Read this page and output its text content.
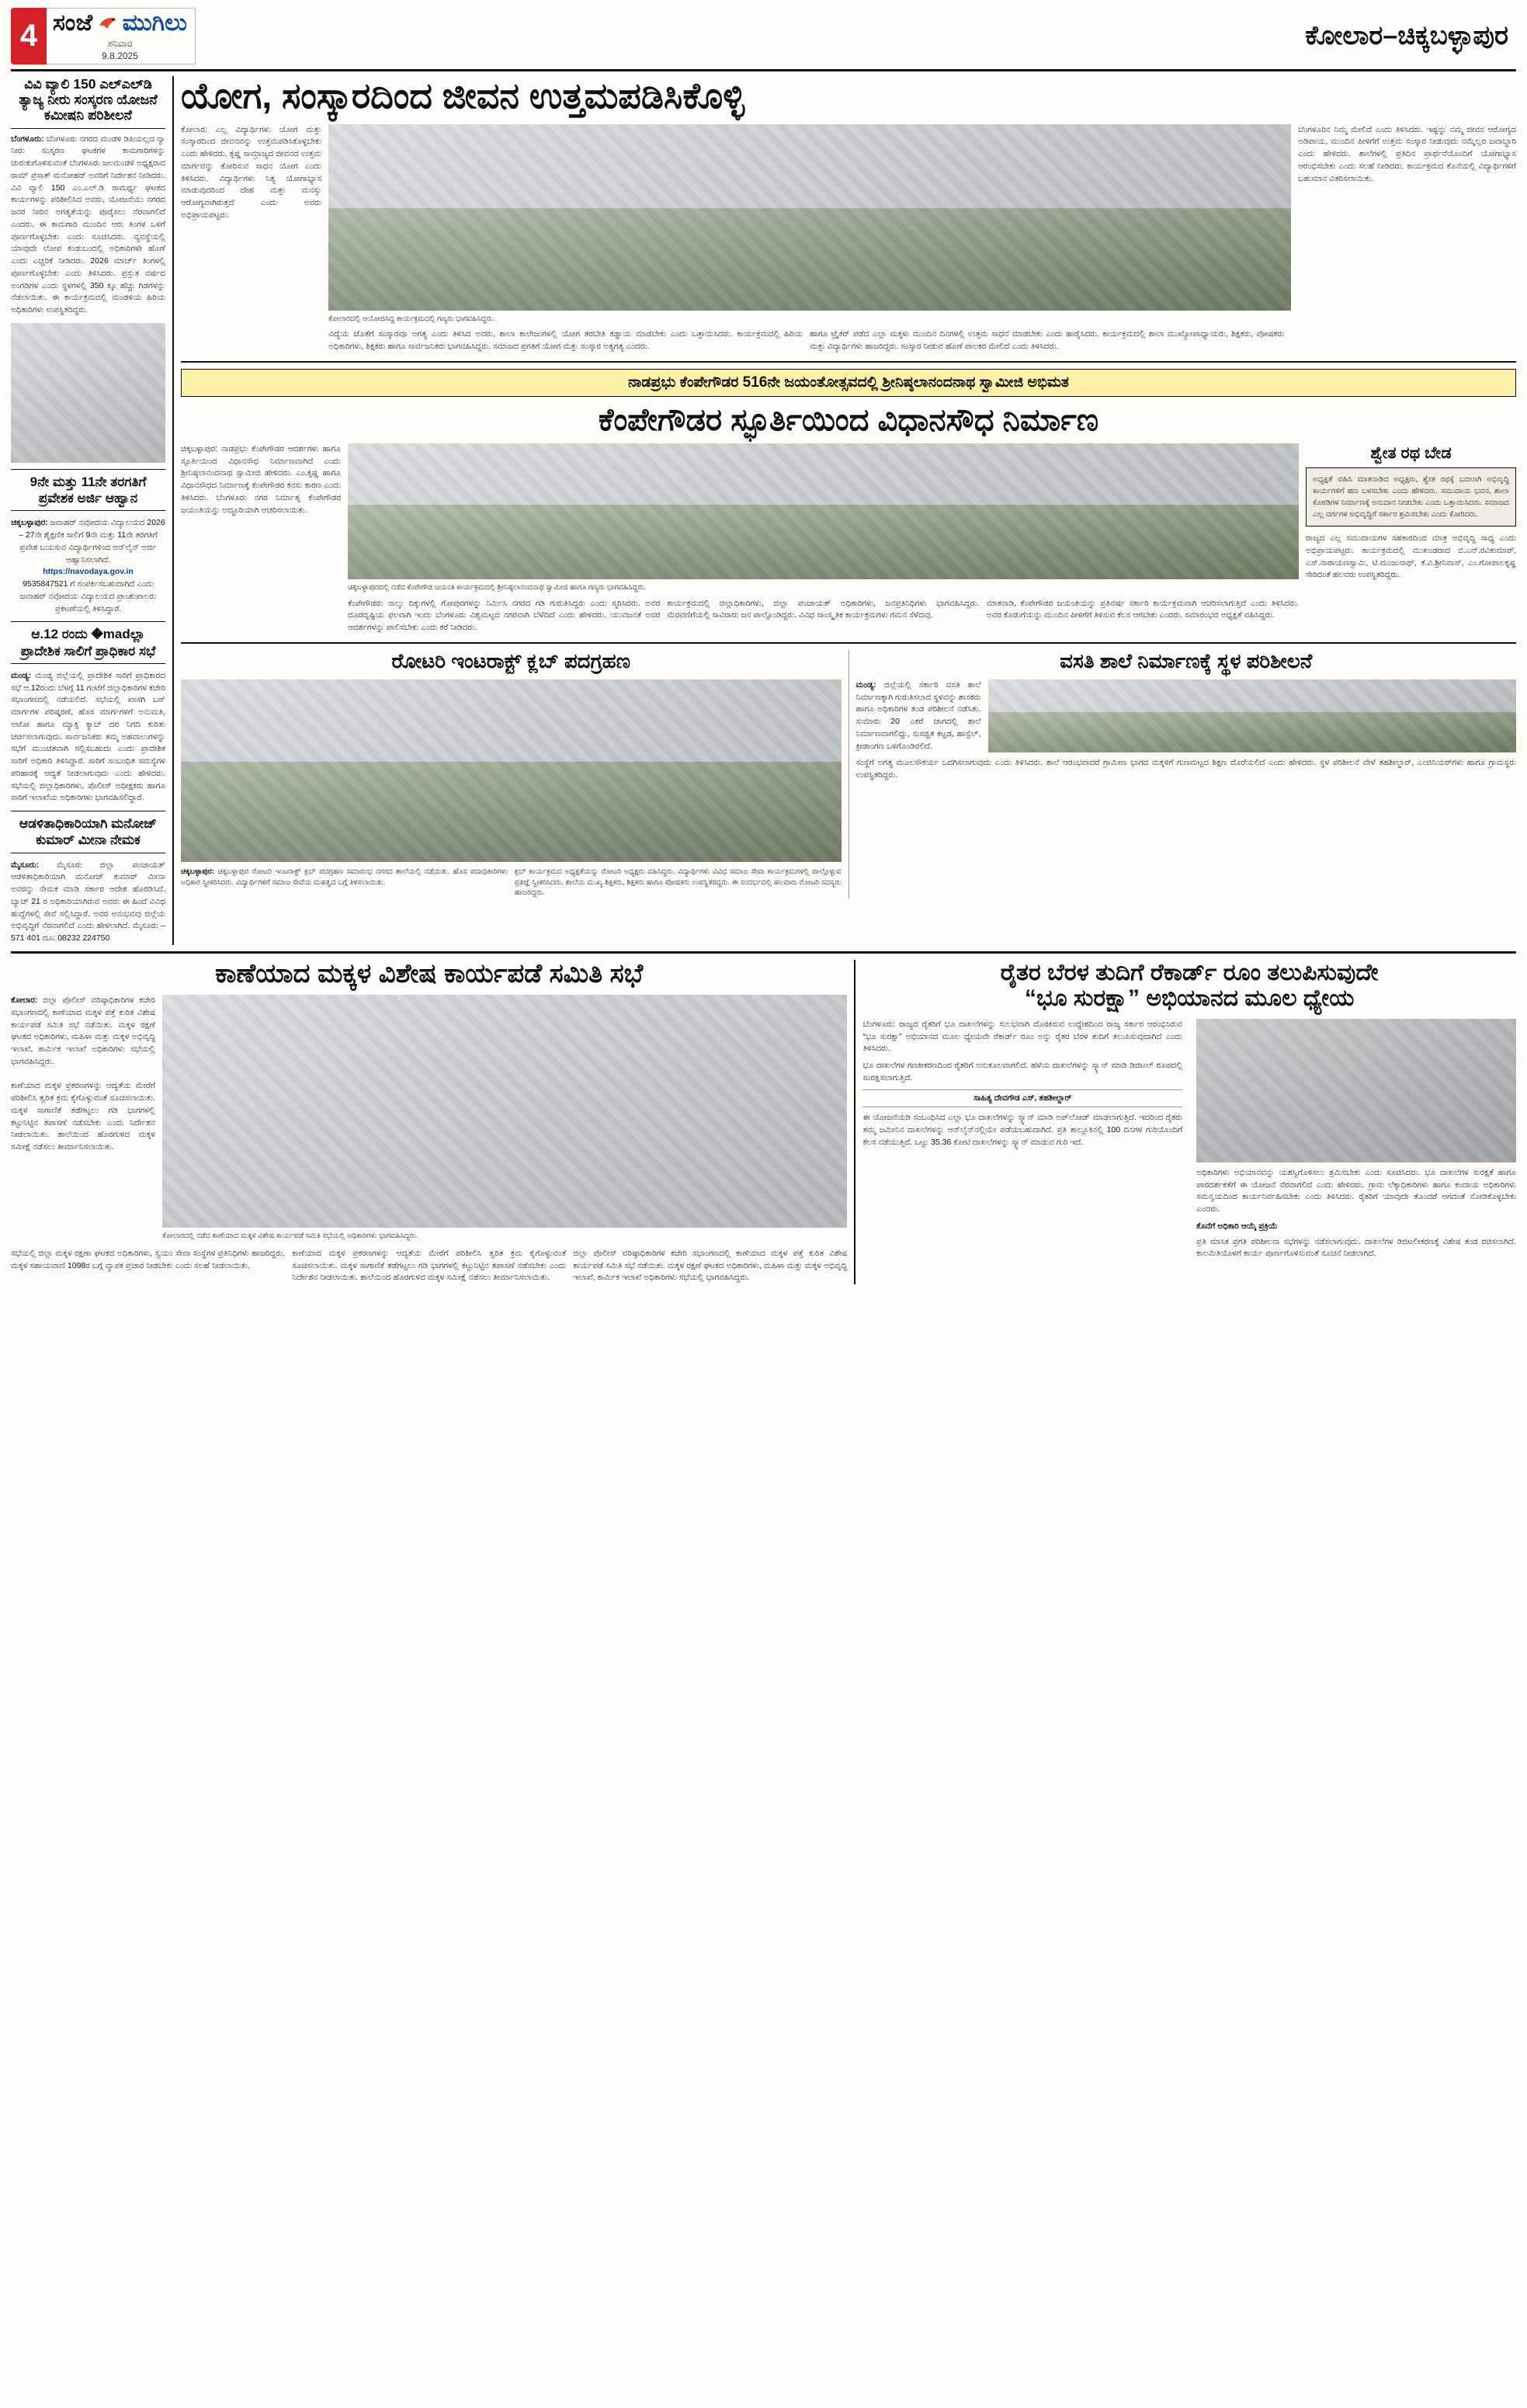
4 ಸಂಜೆ ಮುಗಿಲು
ಶನಿವಾರ
9.8.2025
ಕೋಲಾರ–ಚಿಕ್ಕಬಳ್ಳಾಪುರ
ವಿವಿ ವ್ಯಾಲಿ 150 ಎಲ್‌ಎಲ್‌ಡಿ ತ್ಯಾಜ್ಯ ನೀರು ಸಂಸ್ಕರಣ ಯೋಜನೆ ಕಮೀಷನಿ ಪರಿಶೀಲನೆ
ಬೆಂಗಳೂರು: ಬೆಂಗಳೂರು ನಗರದ ಮಂಡಳಿ ಡಿಪಿಯಲ್ಲದ ನ್ಯಾ ನೀರು ಸಂಸ್ಕರಣ ಘಟಕಗಳ ಕಾಮಗಾರಿಗಳನ್ನು ಚುರುಕುಗೊಳಿಸುವಂತೆ ಬೆಂಗಳೂರು ಜಲಮಂಡಳಿ ಅಧ್ಯಕ್ಷರಾದ ರಾಮ್ ಪ್ರಸಾತ್ ಮನೋಹರ್ ಅವರಿಗೆ ನಿರ್ದೇಶನ ನೀಡಿದರು. ವಿವಿ ವ್ಯಾಲಿ 150 ಎಂ.ಎಲ್.ಡಿ ಸಾಮರ್ಥ್ಯ ಘಟಕದ ಕಾರ್ಯಗಳನ್ನು ಪರಿಶೀಲಿಸಿದ ಅವರು, ಯೋಜನೆಯು ನಗರದ ಜನರ ನೀರಿನ ಅಗತ್ಯತೆಯನ್ನು ಪೂರೈಸಲು ನೆರವಾಗಲಿದೆ ಎಂದರು. ಈ ಕಾಮಗಾರಿ ಮುಂದಿನ ಆರು ತಿಂಗಳ ಒಳಗೆ ಪೂರ್ಣಗೊಳ್ಳಬೇಕು ಎಂದು ಸೂಚಿಸಿದರು. ವ್ಯವಸ್ಥೆಯಲ್ಲಿ ಯಾವುದೇ ಲೋಪ ಕಂಡುಬಂದಲ್ಲಿ ಅಧಿಕಾರಿಗಳೇ ಹೊಣೆ ಎಂದು ಎಚ್ಚರಿಕೆ ನೀಡಿದರು. 2026 ಮಾರ್ಚ್ ತಿಂಗಳಲ್ಲಿ ಪೂರ್ಣಗೊಳ್ಳಬೇಕು ಎಂದು ತಿಳಿಸಿದರು. ಪ್ರಸ್ತುತ ವರ್ಷದ ಅಂಗಡಿಗಳ ಎಂದು ಸ್ಥಳಗಳಲ್ಲಿ 350 ಕ್ಕೂ ಹೆಚ್ಚು ಗಿಡಗಳನ್ನು ನೆಡಲಾಯಿತು. ಈ ಕಾರ್ಯಕ್ರಮದಲ್ಲಿ ಮಂಡಳಿಯ ಹಿರಿಯ ಅಧಿಕಾರಿಗಳು ಉಪಸ್ಥಿತರಿದ್ದರು.
9ನೇ ಮತ್ತು 11ನೇ ತರಗತಿಗೆ ಪ್ರವೇಶಕ ಅರ್ಜಿ ಆಹ್ವಾನ
ಚಿಕ್ಕಬಳ್ಳಾಪುರ: ಜವಾಹರ್ ನವೋದಯ ವಿದ್ಯಾಲಯದ 2026 – 27ನೇ ಶೈಕ್ಷಣಿಕ ಸಾಲಿಗೆ 9ನೇ ಮತ್ತು 11ನೇ ತರಗತಿಗೆ ಪ್ರವೇಶ ಬಯಸುವ ವಿದ್ಯಾರ್ಥಿಗಳಿಂದ ಆನ್‌ಲೈನ್ ಅರ್ಜಿ ಆಹ್ವಾನಿಸಲಾಗಿದೆ.
https://navodaya.gov.in
9535847521 ಗೆ ಸಂಪರ್ಕಿಸಬಹುದಾಗಿದೆ ಎಂದು ಜವಾಹರ್ ನವೋದಯ ವಿದ್ಯಾಲಯದ ಪ್ರಾಂಶುಪಾಲರು ಪ್ರಕಟಣೆಯಲ್ಲಿ ತಿಳಿಸಿದ್ದಾರೆ.
ಆ.12 ರಂದು �madಲ್ಲಾ ಪ್ರಾದೇಶಿಕ ಸಾಲಿಗೆ ಪ್ರಾಧಿಕಾರ ಸಭೆ
ಮಂಡ್ಯ: ಮಂಡ್ಯ ಜಿಲ್ಲೆಯಲ್ಲಿ ಪ್ರಾದೇಶಿಕ ಸಾರಿಗೆ ಪ್ರಾಧಿಕಾರದ ಸಭೆ ಆ.12ರಂದು ಬೆಳಗ್ಗೆ 11 ಗಂಟೆಗೆ ಜಿಲ್ಲಾಧಿಕಾರಿಗಳ ಕಚೇರಿ ಸಭಾಂಗಣದಲ್ಲಿ ನಡೆಯಲಿದೆ. ಸಭೆಯಲ್ಲಿ ಖಾಸಗಿ ಬಸ್ ಮಾರ್ಗಗಳ ಪರಿಷ್ಕರಣೆ, ಹೊಸ ಮಾರ್ಗಗಳಿಗೆ ಅನುಮತಿ, ಅಟೋ ಹಾಗೂ ಮ್ಯಾಕ್ಸಿ ಕ್ಯಾಬ್ ದರ ನಿಗದಿ ಕುರಿತು ಚರ್ಚಿಸಲಾಗುವುದು. ಸಾರ್ವಜನಿಕರು ತಮ್ಮ ಅಹವಾಲುಗಳನ್ನು ಸಭೆಗೆ ಮುಂಚಿತವಾಗಿ ಸಲ್ಲಿಸಬಹುದು ಎಂದು ಪ್ರಾದೇಶಿಕ ಸಾರಿಗೆ ಅಧಿಕಾರಿ ತಿಳಿಸಿದ್ದಾರೆ. ಸಾರಿಗೆ ಸಂಬಂಧಿತ ಸಮಸ್ಯೆಗಳ ಪರಿಹಾರಕ್ಕೆ ಆದ್ಯತೆ ನೀಡಲಾಗುವುದು ಎಂದು ಹೇಳಿದರು. ಸಭೆಯಲ್ಲಿ ಜಿಲ್ಲಾಧಿಕಾರಿಗಳು, ಪೊಲೀಸ್ ಅಧೀಕ್ಷಕರು ಹಾಗೂ ಸಾರಿಗೆ ಇಲಾಖೆಯ ಅಧಿಕಾರಿಗಳು ಭಾಗವಹಿಸಲಿದ್ದಾರೆ.
ಆಡಳಿತಾಧಿಕಾರಿಯಾಗಿ ಮನೋಜ್ ಕುಮಾರ್ ಮೀನಾ ನೇಮಕ
ಮೈಸೂರು: ಮೈಸೂರು ಜಿಲ್ಲಾ ಪಂಚಾಯತ್ ಆಡಳಿತಾಧಿಕಾರಿಯಾಗಿ ಮನೋಜ್ ಕುಮಾರ್ ಮೀನಾ ಅವರನ್ನು ನೇಮಕ ಮಾಡಿ ಸರ್ಕಾರ ಆದೇಶ ಹೊರಡಿಸಿದೆ. ಬ್ಯಾಚ್ 21 ರ ಅಧಿಕಾರಿಯಾಗಿರುವ ಅವರು ಈ ಹಿಂದೆ ವಿವಿಧ ಹುದ್ದೆಗಳಲ್ಲಿ ಸೇವೆ ಸಲ್ಲಿಸಿದ್ದಾರೆ. ಅವರ ಅನುಭವವು ಜಿಲ್ಲೆಯ ಅಭಿವೃದ್ಧಿಗೆ ನೆರವಾಗಲಿದೆ ಎಂದು ಹೇಳಲಾಗಿದೆ. ಮೈಸೂರು – 571 401 ದೂ: 08232 224750
ಯೋಗ, ಸಂಸ್ಕಾರದಿಂದ ಜೀವನ ಉತ್ತಮಪಡಿಸಿಕೊಳ್ಳಿ
ಕೋಲಾರ: ಎಲ್ಲ ವಿದ್ಯಾರ್ಥಿಗಳು ಯೋಗ ಮತ್ತು ಸಂಸ್ಕಾರದಿಂದ ಜೀವನವನ್ನು ಉತ್ತಮಪಡಿಸಿಕೊಳ್ಳಬೇಕು ಎಂದು ಹೇಳಿದರು. ಕೃಷ್ಣ ಸಾಮ್ರಾಜ್ಯದ ಜೀವನದ ಉತ್ತಮ ಮಾರ್ಗವನ್ನು ತೋರಿಸುವ ಸಾಧನ ಯೋಗ ಎಂದು ತಿಳಿಸಿದರು. ವಿದ್ಯಾರ್ಥಿಗಳು ನಿತ್ಯ ಯೋಗಾಭ್ಯಾಸ ಮಾಡುವುದರಿಂದ ದೇಹ ಮತ್ತು ಮನಸ್ಸು ಆರೋಗ್ಯವಾಗಿರುತ್ತದೆ ಎಂದು ಅವರು ಅಭಿಪ್ರಾಯಪಟ್ಟರು.
ಕೋಲಾರದಲ್ಲಿ ಆಯೋಜಿಸಿದ್ದ ಕಾರ್ಯಕ್ರಮದಲ್ಲಿ ಗಣ್ಯರು ಭಾಗವಹಿಸಿದ್ದರು.
ವಿದ್ಯೆಯ ಜೊತೆಗೆ ಸಂಸ್ಕಾರವೂ ಅಗತ್ಯ ಎಂದು ತಿಳಿಸಿದ ಅವರು, ಶಾಲಾ ಕಾಲೇಜುಗಳಲ್ಲಿ ಯೋಗ ತರಬೇತಿ ಕಡ್ಡಾಯ ಮಾಡಬೇಕು ಎಂದು ಒತ್ತಾಯಿಸಿದರು. ಕಾರ್ಯಕ್ರಮದಲ್ಲಿ ಹಿರಿಯ ಅಧಿಕಾರಿಗಳು, ಶಿಕ್ಷಕರು ಹಾಗೂ ಸಾರ್ವಜನಿಕರು ಭಾಗವಹಿಸಿದ್ದರು. ಸಮಾಜದ ಪ್ರಗತಿಗೆ ಯೋಗ ಮತ್ತು ಸಂಸ್ಕಾರ ಅತ್ಯಗತ್ಯ ಎಂದರು.
ಹಾಗೂ ಟ್ರೈಕರ್ ಪಡೆದ ಎಲ್ಲಾ ಮಕ್ಕಳು ಮುಂದಿನ ದಿನಗಳಲ್ಲಿ ಉತ್ತಮ ಸಾಧನೆ ಮಾಡಬೇಕು ಎಂದು ಹಾರೈಸಿದರು. ಕಾರ್ಯಕ್ರಮದಲ್ಲಿ ಶಾಲಾ ಮುಖ್ಯೋಪಾಧ್ಯಾಯರು, ಶಿಕ್ಷಕರು, ಪೋಷಕರು ಮತ್ತು ವಿದ್ಯಾರ್ಥಿಗಳು ಹಾಜರಿದ್ದರು. ಸಂಸ್ಕಾರ ನೀಡುವ ಹೊಣೆ ಪಾಲಕರ ಮೇಲಿದೆ ಎಂದು ತಿಳಿಸಿದರು.
ಬೆಂಗಳೂರಿನ ನಿಮ್ಮ ಮೇಲಿದೆ ಎಂದು ತಿಳಿಸಿದರು. ಇಷ್ಟನ್ನು ನಮ್ಮ ಜೀವನ ಆರೋಗ್ಯದ ಅಡಿಪಾಯ, ಮುಂದಿನ ಪೀಳಿಗೆಗೆ ಉತ್ತಮ ಸಂಸ್ಕಾರ ನೀಡುವುದು ನಮ್ಮೆಲ್ಲರ ಜವಾಬ್ದಾರಿ ಎಂದು ಹೇಳಿದರು. ಶಾಲೆಗಳಲ್ಲಿ ಪ್ರತಿದಿನ ಪ್ರಾರ್ಥನೆಯೊಂದಿಗೆ ಯೋಗಾಭ್ಯಾಸ ಆರಂಭಿಸಬೇಕು ಎಂದು ಸಲಹೆ ನೀಡಿದರು. ಕಾರ್ಯಕ್ರಮದ ಕೊನೆಯಲ್ಲಿ ವಿದ್ಯಾರ್ಥಿಗಳಿಗೆ ಬಹುಮಾನ ವಿತರಿಸಲಾಯಿತು.
ನಾಡಪ್ರಭು ಕೆಂಪೇಗೌಡರ 516ನೇ ಜಯಂತೋತ್ಸವದಲ್ಲಿ ಶ್ರೀನಿಷ್ಠಲಾನಂದನಾಥ ಸ್ವಾಮೀಜಿ ಅಭಿಮತ
ಕೆಂಪೇಗೌಡರ ಸ್ಫೂರ್ತಿಯಿಂದ ವಿಧಾನಸೌಧ ನಿರ್ಮಾಣ
ಚಿಕ್ಕಬಳ್ಳಾಪುರ: ನಾಡಪ್ರಭು ಕೆಂಪೇಗೌಡರ ಆದರ್ಶಗಳು ಹಾಗೂ ಸ್ಫೂರ್ತಿಯಿಂದ ವಿಧಾನಸೌಧ ನಿರ್ಮಾಣವಾಗಿದೆ ಎಂದು ಶ್ರೀನಿಷ್ಠಲಾನಂದನಾಥ ಸ್ವಾಮೀಜಿ ಹೇಳಿದರು. ಎಂ.ಕೃಷ್ಣ ಹಾಗೂ ವಿಧಾನಸೌಧದ ನಿರ್ಮಾಣಕ್ಕೆ ಕೆಂಪೇಗೌಡರ ಕನಸು ಕಾರಣ ಎಂದು ತಿಳಿಸಿದರು. ಬೆಂಗಳೂರು ನಗರ ನಿರ್ಮಾತೃ ಕೆಂಪೇಗೌಡರ ಜಯಂತಿಯನ್ನು ಅದ್ಧೂರಿಯಾಗಿ ಆಚರಿಸಲಾಯಿತು.
ಚಿಕ್ಕಬಳ್ಳಾಪುರದಲ್ಲಿ ನಡೆದ ಕೆಂಪೇಗೌಡ ಜಯಂತಿ ಕಾರ್ಯಕ್ರಮದಲ್ಲಿ ಶ್ರೀನಿಷ್ಠಲಾನಂದನಾಥ ಸ್ವಾಮೀಜಿ ಹಾಗೂ ಗಣ್ಯರು ಭಾಗವಹಿಸಿದ್ದರು.
ಕೆಂಪೇಗೌಡರು ನಾಲ್ಕು ದಿಕ್ಕುಗಳಲ್ಲಿ ಗೋಪುರಗಳನ್ನು ನಿರ್ಮಿಸಿ ನಗರದ ಗಡಿ ಗುರುತಿಸಿದ್ದರು ಎಂದು ಸ್ಮರಿಸಿದರು. ಅವರ ದೂರದೃಷ್ಟಿಯ ಫಲವಾಗಿ ಇಂದು ಬೆಂಗಳೂರು ವಿಶ್ವಮಟ್ಟದ ನಗರವಾಗಿ ಬೆಳೆದಿದೆ ಎಂದು ಹೇಳಿದರು. ಯುವಜನತೆ ಅವರ ಆದರ್ಶಗಳನ್ನು ಪಾಲಿಸಬೇಕು ಎಂದು ಕರೆ ನೀಡಿದರು.
ಕಾರ್ಯಕ್ರಮದಲ್ಲಿ ಜಿಲ್ಲಾಧಿಕಾರಿಗಳು, ಜಿಲ್ಲಾ ಪಂಚಾಯತ್ ಅಧಿಕಾರಿಗಳು, ಜನಪ್ರತಿನಿಧಿಗಳು ಭಾಗವಹಿಸಿದ್ದರು. ಮೆರವಣಿಗೆಯಲ್ಲಿ ಸಾವಿರಾರು ಜನ ಪಾಲ್ಗೊಂಡಿದ್ದರು. ವಿವಿಧ ಸಾಂಸ್ಕೃತಿಕ ಕಾರ್ಯಕ್ರಮಗಳು ಗಮನ ಸೆಳೆದವು.
ಮಾತನಾಡಿ, ಕೆಂಪೇಗೌಡರ ಜಯಂತಿಯನ್ನು ಪ್ರತಿವರ್ಷ ಸರ್ಕಾರಿ ಕಾರ್ಯಕ್ರಮವಾಗಿ ಆಚರಿಸಲಾಗುತ್ತಿದೆ ಎಂದು ತಿಳಿಸಿದರು. ಅವರ ಕೊಡುಗೆಯನ್ನು ಮುಂದಿನ ಪೀಳಿಗೆಗೆ ತಿಳಿಸುವ ಕೆಲಸ ಆಗಬೇಕು ಎಂದರು. ಸಮಾರಂಭದ ಅಧ್ಯಕ್ಷತೆ ವಹಿಸಿದ್ದರು.
ಶ್ವೇತ ರಥ ಬೇಡ
ಅಧ್ಯಕ್ಷತೆ ವಹಿಸಿ ಮಾತನಾಡಿದ ಅಧ್ಯಕ್ಷರು, ಶ್ವೇತ ರಥಕ್ಕೆ ಬದಲಾಗಿ ಅಭಿವೃದ್ಧಿ ಕಾರ್ಯಗಳಿಗೆ ಹಣ ಬಳಸಬೇಕು ಎಂದು ಹೇಳಿದರು. ಸಮುದಾಯ ಭವನ, ಶಾಲಾ ಕೊಠಡಿಗಳ ನಿರ್ಮಾಣಕ್ಕೆ ಅನುದಾನ ನೀಡಬೇಕು ಎಂದು ಒತ್ತಾಯಿಸಿದರು. ಸಮಾಜದ ಎಲ್ಲ ವರ್ಗಗಳ ಅಭಿವೃದ್ಧಿಗೆ ಸರ್ಕಾರ ಶ್ರಮಿಸಬೇಕು ಎಂದು ಕೋರಿದರು.
ರಾಜ್ಯದ ಎಲ್ಲ ಸಮುದಾಯಗಳ ಸಹಕಾರದಿಂದ ಮಾತ್ರ ಅಭಿವೃದ್ಧಿ ಸಾಧ್ಯ ಎಂದು ಅಭಿಪ್ರಾಯಪಟ್ಟರು. ಕಾರ್ಯಕ್ರಮದಲ್ಲಿ ಮುಖಂಡರಾದ ಬಿ.ಎನ್.ರವಿಕುಮಾರ್, ಎಸ್.ನಾರಾಯಣಸ್ವಾಮಿ, ಟಿ.ಮಂಜುನಾಥ್, ಕೆ.ವಿ.ಶ್ರೀನಿವಾಸ್, ಎಂ.ಗೋಪಾಲಕೃಷ್ಣ ಸೇರಿದಂತೆ ಹಲವರು ಉಪಸ್ಥಿತರಿದ್ದರು.
ರೋಟರಿ ಇಂಟರಾಕ್ಟ್ ಕ್ಲಬ್ ಪದಗ್ರಹಣ
ಚಿಕ್ಕಬಳ್ಳಾಪುರ: ಚಿಕ್ಕಬಳ್ಳಾಪುರ ರೋಟರಿ ಇಂಟರಾಕ್ಟ್ ಕ್ಲಬ್ ಪದಗ್ರಹಣ ಸಮಾರಂಭ ನಗರದ ಶಾಲೆಯಲ್ಲಿ ನಡೆಯಿತು. ಹೊಸ ಪದಾಧಿಕಾರಿಗಳು ಅಧಿಕಾರ ಸ್ವೀಕರಿಸಿದರು. ವಿದ್ಯಾರ್ಥಿಗಳಿಗೆ ಸಮಾಜ ಸೇವೆಯ ಮಹತ್ವದ ಬಗ್ಗೆ ತಿಳಿಸಲಾಯಿತು.
ಕ್ಲಬ್ ಕಾರ್ಯಕ್ರಮದ ಅಧ್ಯಕ್ಷತೆಯನ್ನು ರೋಟರಿ ಅಧ್ಯಕ್ಷರು ವಹಿಸಿದ್ದರು. ವಿದ್ಯಾರ್ಥಿಗಳು ವಿವಿಧ ಸಮಾಜ ಸೇವಾ ಕಾರ್ಯಕ್ರಮಗಳಲ್ಲಿ ಪಾಲ್ಗೊಳ್ಳುವ ಪ್ರತಿಜ್ಞೆ ಸ್ವೀಕರಿಸಿದರು. ಶಾಲೆಯ ಮುಖ್ಯ ಶಿಕ್ಷಕರು, ಶಿಕ್ಷಕರು ಹಾಗೂ ಪೋಷಕರು ಉಪಸ್ಥಿತರಿದ್ದರು. ಈ ಸಂದರ್ಭದಲ್ಲಿ ಹಲವಾರು ರೋಟರಿ ಸದಸ್ಯರು ಹಾಜರಿದ್ದರು.
ವಸತಿ ಶಾಲೆ ನಿರ್ಮಾಣಕ್ಕೆ ಸ್ಥಳ ಪರಿಶೀಲನೆ
ಮಂಡ್ಯ: ಜಿಲ್ಲೆಯಲ್ಲಿ ಸರ್ಕಾರಿ ವಸತಿ ಶಾಲೆ ನಿರ್ಮಾಣಕ್ಕಾಗಿ ಗುರುತಿಸಲಾದ ಸ್ಥಳವನ್ನು ಶಾಸಕರು ಹಾಗೂ ಅಧಿಕಾರಿಗಳ ತಂಡ ಪರಿಶೀಲನೆ ನಡೆಸಿತು. ಸುಮಾರು 20 ಎಕರೆ ಜಾಗದಲ್ಲಿ ಶಾಲೆ ನಿರ್ಮಾಣವಾಗಲಿದ್ದು, ಸುಸಜ್ಜಿತ ಕಟ್ಟಡ, ಹಾಸ್ಟೆಲ್, ಕ್ರೀಡಾಂಗಣ ಒಳಗೊಂಡಿರಲಿದೆ.
ಸಂಸ್ಥೆಗೆ ಅಗತ್ಯ ಮೂಲಸೌಕರ್ಯ ಒದಗಿಸಲಾಗುವುದು ಎಂದು ತಿಳಿಸಿದರು. ಶಾಲೆ ಆರಂಭವಾದರೆ ಗ್ರಾಮೀಣ ಭಾಗದ ಮಕ್ಕಳಿಗೆ ಗುಣಮಟ್ಟದ ಶಿಕ್ಷಣ ದೊರೆಯಲಿದೆ ಎಂದು ಹೇಳಿದರು. ಸ್ಥಳ ಪರಿಶೀಲನೆ ವೇಳೆ ತಹಶೀಲ್ದಾರ್, ಎಂಜಿನಿಯರ್‌ಗಳು ಹಾಗೂ ಗ್ರಾಮಸ್ಥರು ಉಪಸ್ಥಿತರಿದ್ದರು.
ಕಾಣೆಯಾದ ಮಕ್ಕಳ ವಿಶೇಷ ಕಾರ್ಯಪಡೆ ಸಮಿತಿ ಸಭೆ
ಕೋಲಾರ: ಜಿಲ್ಲಾ ಪೊಲೀಸ್ ವರಿಷ್ಠಾಧಿಕಾರಿಗಳ ಕಚೇರಿ ಸಭಾಂಗಣದಲ್ಲಿ ಕಾಣೆಯಾದ ಮಕ್ಕಳ ಪತ್ತೆ ಕುರಿತ ವಿಶೇಷ ಕಾರ್ಯಪಡೆ ಸಮಿತಿ ಸಭೆ ನಡೆಯಿತು. ಮಕ್ಕಳ ರಕ್ಷಣೆ ಘಟಕದ ಅಧಿಕಾರಿಗಳು, ಮಹಿಳಾ ಮತ್ತು ಮಕ್ಕಳ ಅಭಿವೃದ್ಧಿ ಇಲಾಖೆ, ಕಾರ್ಮಿಕ ಇಲಾಖೆ ಅಧಿಕಾರಿಗಳು ಸಭೆಯಲ್ಲಿ ಭಾಗವಹಿಸಿದ್ದರು.

ಕಾಣೆಯಾದ ಮಕ್ಕಳ ಪ್ರಕರಣಗಳನ್ನು ಆದ್ಯತೆಯ ಮೇರೆಗೆ ಪರಿಶೀಲಿಸಿ ತ್ವರಿತ ಕ್ರಮ ಕೈಗೊಳ್ಳುವಂತೆ ಸೂಚಿಸಲಾಯಿತು. ಮಕ್ಕಳ ಸಾಗಾಣಿಕೆ ತಡೆಗಟ್ಟಲು ಗಡಿ ಭಾಗಗಳಲ್ಲಿ ಕಟ್ಟುನಿಟ್ಟಿನ ತಪಾಸಣೆ ನಡೆಸಬೇಕು ಎಂದು ನಿರ್ದೇಶನ ನೀಡಲಾಯಿತು. ಶಾಲೆಯಿಂದ ಹೊರಗುಳಿದ ಮಕ್ಕಳ ಸಮೀಕ್ಷೆ ನಡೆಸಲು ತೀರ್ಮಾನಿಸಲಾಯಿತು.
ಕೋಲಾರದಲ್ಲಿ ನಡೆದ ಕಾಣೆಯಾದ ಮಕ್ಕಳ ವಿಶೇಷ ಕಾರ್ಯಪಡೆ ಸಮಿತಿ ಸಭೆಯಲ್ಲಿ ಅಧಿಕಾರಿಗಳು ಭಾಗವಹಿಸಿದ್ದರು.
ಸಭೆಯಲ್ಲಿ ಜಿಲ್ಲಾ ಮಕ್ಕಳ ರಕ್ಷಣಾ ಘಟಕದ ಅಧಿಕಾರಿಗಳು, ಸ್ವಯಂ ಸೇವಾ ಸಂಸ್ಥೆಗಳ ಪ್ರತಿನಿಧಿಗಳು ಹಾಜರಿದ್ದರು. ಮಕ್ಕಳ ಸಹಾಯವಾಣಿ 1098ರ ಬಗ್ಗೆ ವ್ಯಾಪಕ ಪ್ರಚಾರ ನೀಡಬೇಕು ಎಂದು ಸಲಹೆ ನೀಡಲಾಯಿತು.
ಕಾಣೆಯಾದ ಮಕ್ಕಳ ಪ್ರಕರಣಗಳನ್ನು ಆದ್ಯತೆಯ ಮೇರೆಗೆ ಪರಿಶೀಲಿಸಿ ತ್ವರಿತ ಕ್ರಮ ಕೈಗೊಳ್ಳುವಂತೆ ಸೂಚಿಸಲಾಯಿತು. ಮಕ್ಕಳ ಸಾಗಾಣಿಕೆ ತಡೆಗಟ್ಟಲು ಗಡಿ ಭಾಗಗಳಲ್ಲಿ ಕಟ್ಟುನಿಟ್ಟಿನ ತಪಾಸಣೆ ನಡೆಸಬೇಕು ಎಂದು ನಿರ್ದೇಶನ ನೀಡಲಾಯಿತು. ಶಾಲೆಯಿಂದ ಹೊರಗುಳಿದ ಮಕ್ಕಳ ಸಮೀಕ್ಷೆ ನಡೆಸಲು ತೀರ್ಮಾನಿಸಲಾಯಿತು.
ಜಿಲ್ಲಾ ಪೊಲೀಸ್ ವರಿಷ್ಠಾಧಿಕಾರಿಗಳ ಕಚೇರಿ ಸಭಾಂಗಣದಲ್ಲಿ ಕಾಣೆಯಾದ ಮಕ್ಕಳ ಪತ್ತೆ ಕುರಿತ ವಿಶೇಷ ಕಾರ್ಯಪಡೆ ಸಮಿತಿ ಸಭೆ ನಡೆಯಿತು. ಮಕ್ಕಳ ರಕ್ಷಣೆ ಘಟಕದ ಅಧಿಕಾರಿಗಳು, ಮಹಿಳಾ ಮತ್ತು ಮಕ್ಕಳ ಅಭಿವೃದ್ಧಿ ಇಲಾಖೆ, ಕಾರ್ಮಿಕ ಇಲಾಖೆ ಅಧಿಕಾರಿಗಳು ಸಭೆಯಲ್ಲಿ ಭಾಗವಹಿಸಿದ್ದರು.
ರೈತರ ಬೆರಳ ತುದಿಗೆ ರೆಕಾರ್ಡ್ ರೂಂ ತಲುಪಿಸುವುದೇ
“ಭೂ ಸುರಕ್ಷಾ” ಅಭಿಯಾನದ ಮೂಲ ಧ್ಯೇಯ
ಬೆಂಗಳೂರು: ರಾಜ್ಯದ ರೈತರಿಗೆ ಭೂ ದಾಖಲೆಗಳನ್ನು ಸುಲಭವಾಗಿ ದೊರಕಿಸುವ ಉದ್ದೇಶದಿಂದ ರಾಜ್ಯ ಸರ್ಕಾರ ಆರಂಭಿಸಿರುವ “ಭೂ ಸುರಕ್ಷಾ” ಅಭಿಯಾನದ ಮೂಲ ಧ್ಯೇಯವೇ ರೆಕಾರ್ಡ್ ರೂಂ ಅನ್ನು ರೈತರ ಬೆರಳ ತುದಿಗೆ ತಲುಪಿಸುವುದಾಗಿದೆ ಎಂದು ತಿಳಿಸಿದರು.
ಭೂ ದಾಖಲೆಗಳ ಗಣಕೀಕರಣದಿಂದ ರೈತರಿಗೆ ಅನುಕೂಲವಾಗಲಿದೆ. ಹಳೆಯ ದಾಖಲೆಗಳನ್ನು ಸ್ಕ್ಯಾನ್ ಮಾಡಿ ಡಿಜಿಟಲ್ ರೂಪದಲ್ಲಿ ಸಂರಕ್ಷಿಸಲಾಗುತ್ತಿದೆ.
ಸಾಹಿತ್ಯ ದೇವಗೌಡ ಎಸ್, ತಹಶೀಲ್ದಾರ್
ಈ ಯೋಜನೆಯಡಿ ಸಂಬಂಧಿಸಿದ ಎಲ್ಲಾ ಭೂ ದಾಖಲೆಗಳನ್ನು ಸ್ಕ್ಯಾನ್ ಮಾಡಿ ಅಪ್‌ಲೋಡ್ ಮಾಡಲಾಗುತ್ತಿದೆ. ಇದರಿಂದ ರೈತರು ತಮ್ಮ ಜಮೀನಿನ ದಾಖಲೆಗಳನ್ನು ಆನ್‌ಲೈನ್‌ನಲ್ಲಿಯೇ ಪಡೆಯಬಹುದಾಗಿದೆ. ಪ್ರತಿ ತಾಲ್ಲೂಕಿನಲ್ಲಿ 100 ದಿನಗಳ ಗುರಿಯೊಂದಿಗೆ ಕೆಲಸ ನಡೆಯುತ್ತಿದೆ. ಒಟ್ಟು 35.36 ಕೋಟಿ ದಾಖಲೆಗಳನ್ನು ಸ್ಕ್ಯಾನ್ ಮಾಡುವ ಗುರಿ ಇದೆ.
ಅಧಿಕಾರಿಗಳು ಅಭಿಯಾನವನ್ನು ಯಶಸ್ವಿಗೊಳಿಸಲು ಶ್ರಮಿಸಬೇಕು ಎಂದು ಸೂಚಿಸಿದರು. ಭೂ ದಾಖಲೆಗಳ ಸುರಕ್ಷತೆ ಹಾಗೂ ಪಾರದರ್ಶಕತೆಗೆ ಈ ಯೋಜನೆ ನೆರವಾಗಲಿದೆ ಎಂದು ಹೇಳಿದರು. ಗ್ರಾಮ ಲೆಕ್ಕಾಧಿಕಾರಿಗಳು ಹಾಗೂ ಕಂದಾಯ ಅಧಿಕಾರಿಗಳು ಸಮನ್ವಯದಿಂದ ಕಾರ್ಯನಿರ್ವಹಿಸಬೇಕು ಎಂದು ತಿಳಿಸಿದರು. ರೈತರಿಗೆ ಯಾವುದೇ ತೊಂದರೆ ಆಗದಂತೆ ನೋಡಿಕೊಳ್ಳಬೇಕು ಎಂದರು.
ಕೊನೆಗೆ ಅಧಿಕಾರಿ ಆಯ್ಕೆ ಪ್ರಕ್ರಿಯೆ
ಪ್ರತಿ ಮಾಸಿಕ ಪ್ರಗತಿ ಪರಿಶೀಲನಾ ಸಭೆಗಳನ್ನು ನಡೆಸಲಾಗುವುದು. ದಾಖಲೆಗಳ ಡಿಜಿಟಲೀಕರಣಕ್ಕೆ ವಿಶೇಷ ತಂಡ ರಚಿಸಲಾಗಿದೆ. ಕಾಲಮಿತಿಯೊಳಗೆ ಕಾರ್ಯ ಪೂರ್ಣಗೊಳಿಸುವಂತೆ ಸೂಚನೆ ನೀಡಲಾಗಿದೆ.
